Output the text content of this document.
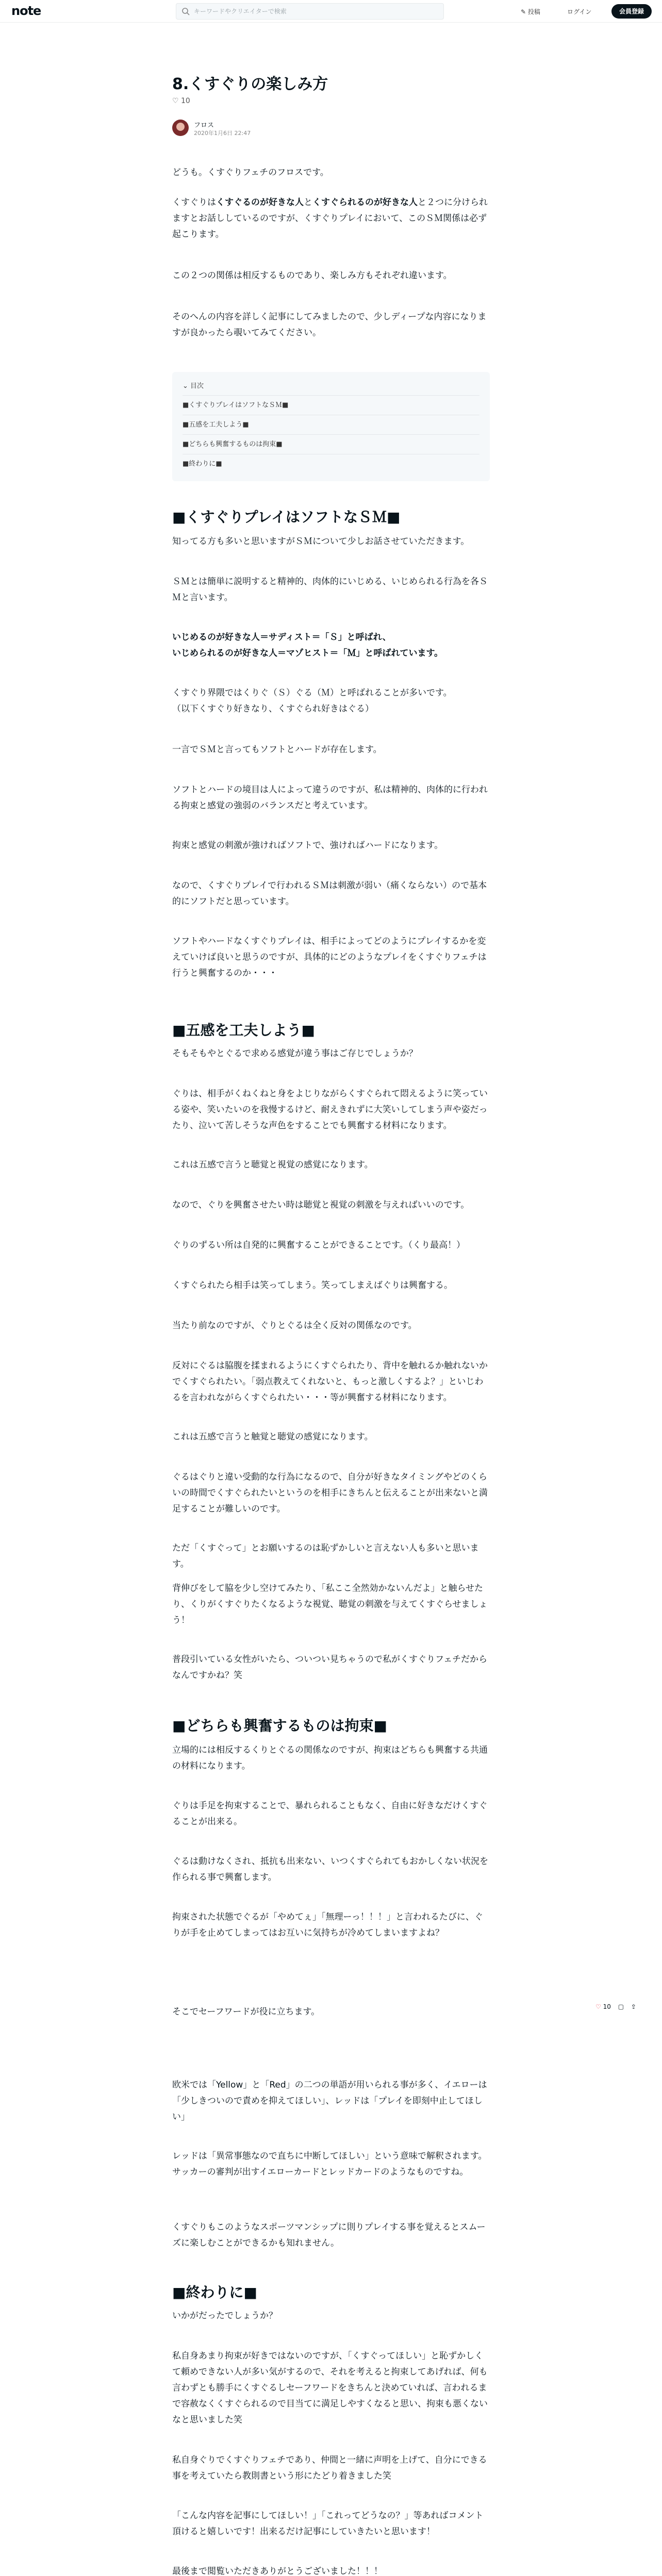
note
キーワードやクリエイターで検索	✎ 投稿	ログイン	会員登録
8.くすぐりの楽しみ方
♡ 10
フロス
2020年1月6日 22:47

どうも。くすぐりフェチのフロスです。

くすぐりはくすぐるのが好きな人とくすぐられるのが好きな人と２つに分けられますとお話ししているのですが、くすぐりプレイにおいて、このＳＭ関係は必ず起こります。

この２つの関係は相反するものであり、楽しみ方もそれぞれ違います。

そのへんの内容を詳しく記事にしてみましたので、少しディープな内容になりますが良かったら覗いてみてください。

⌄ 目次
■くすぐりプレイはソフトなＳＭ■
■五感を工夫しよう■
■どちらも興奮するものは拘束■
■終わりに■
■くすぐりプレイはソフトなＳＭ■

知ってる方も多いと思いますがＳＭについて少しお話させていただきます。

ＳＭとは簡単に説明すると精神的、肉体的にいじめる、いじめられる行為を各ＳＭと言います。

いじめるのが好きな人＝サディスト＝「Ｓ」と呼ばれ、

いじめられるのが好きな人＝マゾヒスト＝「Ｍ」と呼ばれています。

くすぐり界隈ではくりぐ（Ｓ）ぐる（Ｍ）と呼ばれることが多いです。

（以下くすぐり好きなり、くすぐられ好きはぐる）

一言でＳＭと言ってもソフトとハードが存在します。

ソフトとハードの境目は人によって違うのですが、私は精神的、肉体的に行われる拘束と感覚の強弱のバランスだと考えています。

拘束と感覚の刺激が強ければソフトで、強ければハードになります。

なので、くすぐりプレイで行われるＳＭは刺激が弱い（痛くならない）ので基本的にソフトだと思っています。

ソフトやハードなくすぐりプレイは、相手によってどのようにプレイするかを変えていけば良いと思うのですが、具体的にどのようなプレイをくすぐりフェチは行うと興奮するのか・・・

■五感を工夫しよう■

そもそもやとぐるで求める感覚が違う事はご存じでしょうか？

ぐりは、相手がくねくねと身をよじりながらくすぐられて悶えるように笑っている姿や、笑いたいのを我慢するけど、耐えきれずに大笑いしてしまう声や姿だったり、泣いて苦しそうな声色をすることでも興奮する材料になります。

これは五感で言うと聴覚と視覚の感覚になります。

なので、ぐりを興奮させたい時は聴覚と視覚の刺激を与えればいいのです。

ぐりのずるい所は自発的に興奮することができることです。（くり最高！）

くすぐられたら相手は笑ってしまう。笑ってしまえばぐりは興奮する。

当たり前なのですが、ぐりとぐるは全く反対の関係なのです。

反対にぐるは脇腹を揉まれるようにくすぐられたり、背中を触れるか触れないかでくすぐられたい。「弱点教えてくれないと、もっと激しくするよ？」といじわるを言われながらくすぐられたい・・・等が興奮する材料になります。

これは五感で言うと触覚と聴覚の感覚になります。

ぐるはぐりと違い受動的な行為になるので、自分が好きなタイミングやどのくらいの時間でくすぐられたいというのを相手にきちんと伝えることが出来ないと満足することが難しいのです。

ただ「くすぐって」とお願いするのは恥ずかしいと言えない人も多いと思います。

背伸びをして脇を少し空けてみたり、「私ここ全然効かないんだよ」と触らせたり、くりがくすぐりたくなるような視覚、聴覚の刺激を与えてくすぐらせましょう！

普段引いている女性がいたら、ついつい見ちゃうので私がくすぐりフェチだからなんですかね？笑

■どちらも興奮するものは拘束■

立場的には相反するくりとぐるの関係なのですが、拘束はどちらも興奮する共通の材料になります。

ぐりは手足を拘束することで、暴れられることもなく、自由に好きなだけくすぐることが出来る。

ぐるは動けなくされ、抵抗も出来ない、いつくすぐられてもおかしくない状況を作られる事で興奮します。

拘束された状態でぐるが「やめてぇ」「無理ーっ！！！」と言われるたびに、ぐりが手を止めてしまってはお互いに気持ちが冷めてしまいますよね？

そこでセーフワードが役に立ちます。

欧米では「Yellow」と「Red」の二つの単語が用いられる事が多く、イエローは「少しきついので責めを抑えてほしい」、レッドは「プレイを即刻中止してほしい」

レッドは「異常事態なので直ちに中断してほしい」という意味で解釈されます。サッカーの審判が出すイエローカードとレッドカードのようなものですね。

くすぐりもこのようなスポーツマンシップに則りプレイする事を覚えるとスムーズに楽しむことができるかも知れません。

■終わりに■

いかがだったでしょうか？

私自身あまり拘束が好きではないのですが、「くすぐってほしい」と恥ずかしくて頼めできない人が多い気がするので、それを考えると拘束してあげれば、何も言わずとも勝手にくすぐるしセーフワードをきちんと決めていれば、言われるまで容赦なくくすぐられるので目当てに満足しやすくなると思い、拘束も悪くないなと思いました笑

私自身ぐりでくすぐりフェチであり、仲間と一緒に声明を上げて、自分にできる事を考えていたら教則書という形にたどり着きました笑

「こんな内容を記事にしてほしい！」「これってどうなの？」等あればコメント頂けると嬉しいです！出来るだけ記事にしていきたいと思います！

最後まで閲覧いただきありがとうございました！！！

♡ 10 ▢ ⇪
